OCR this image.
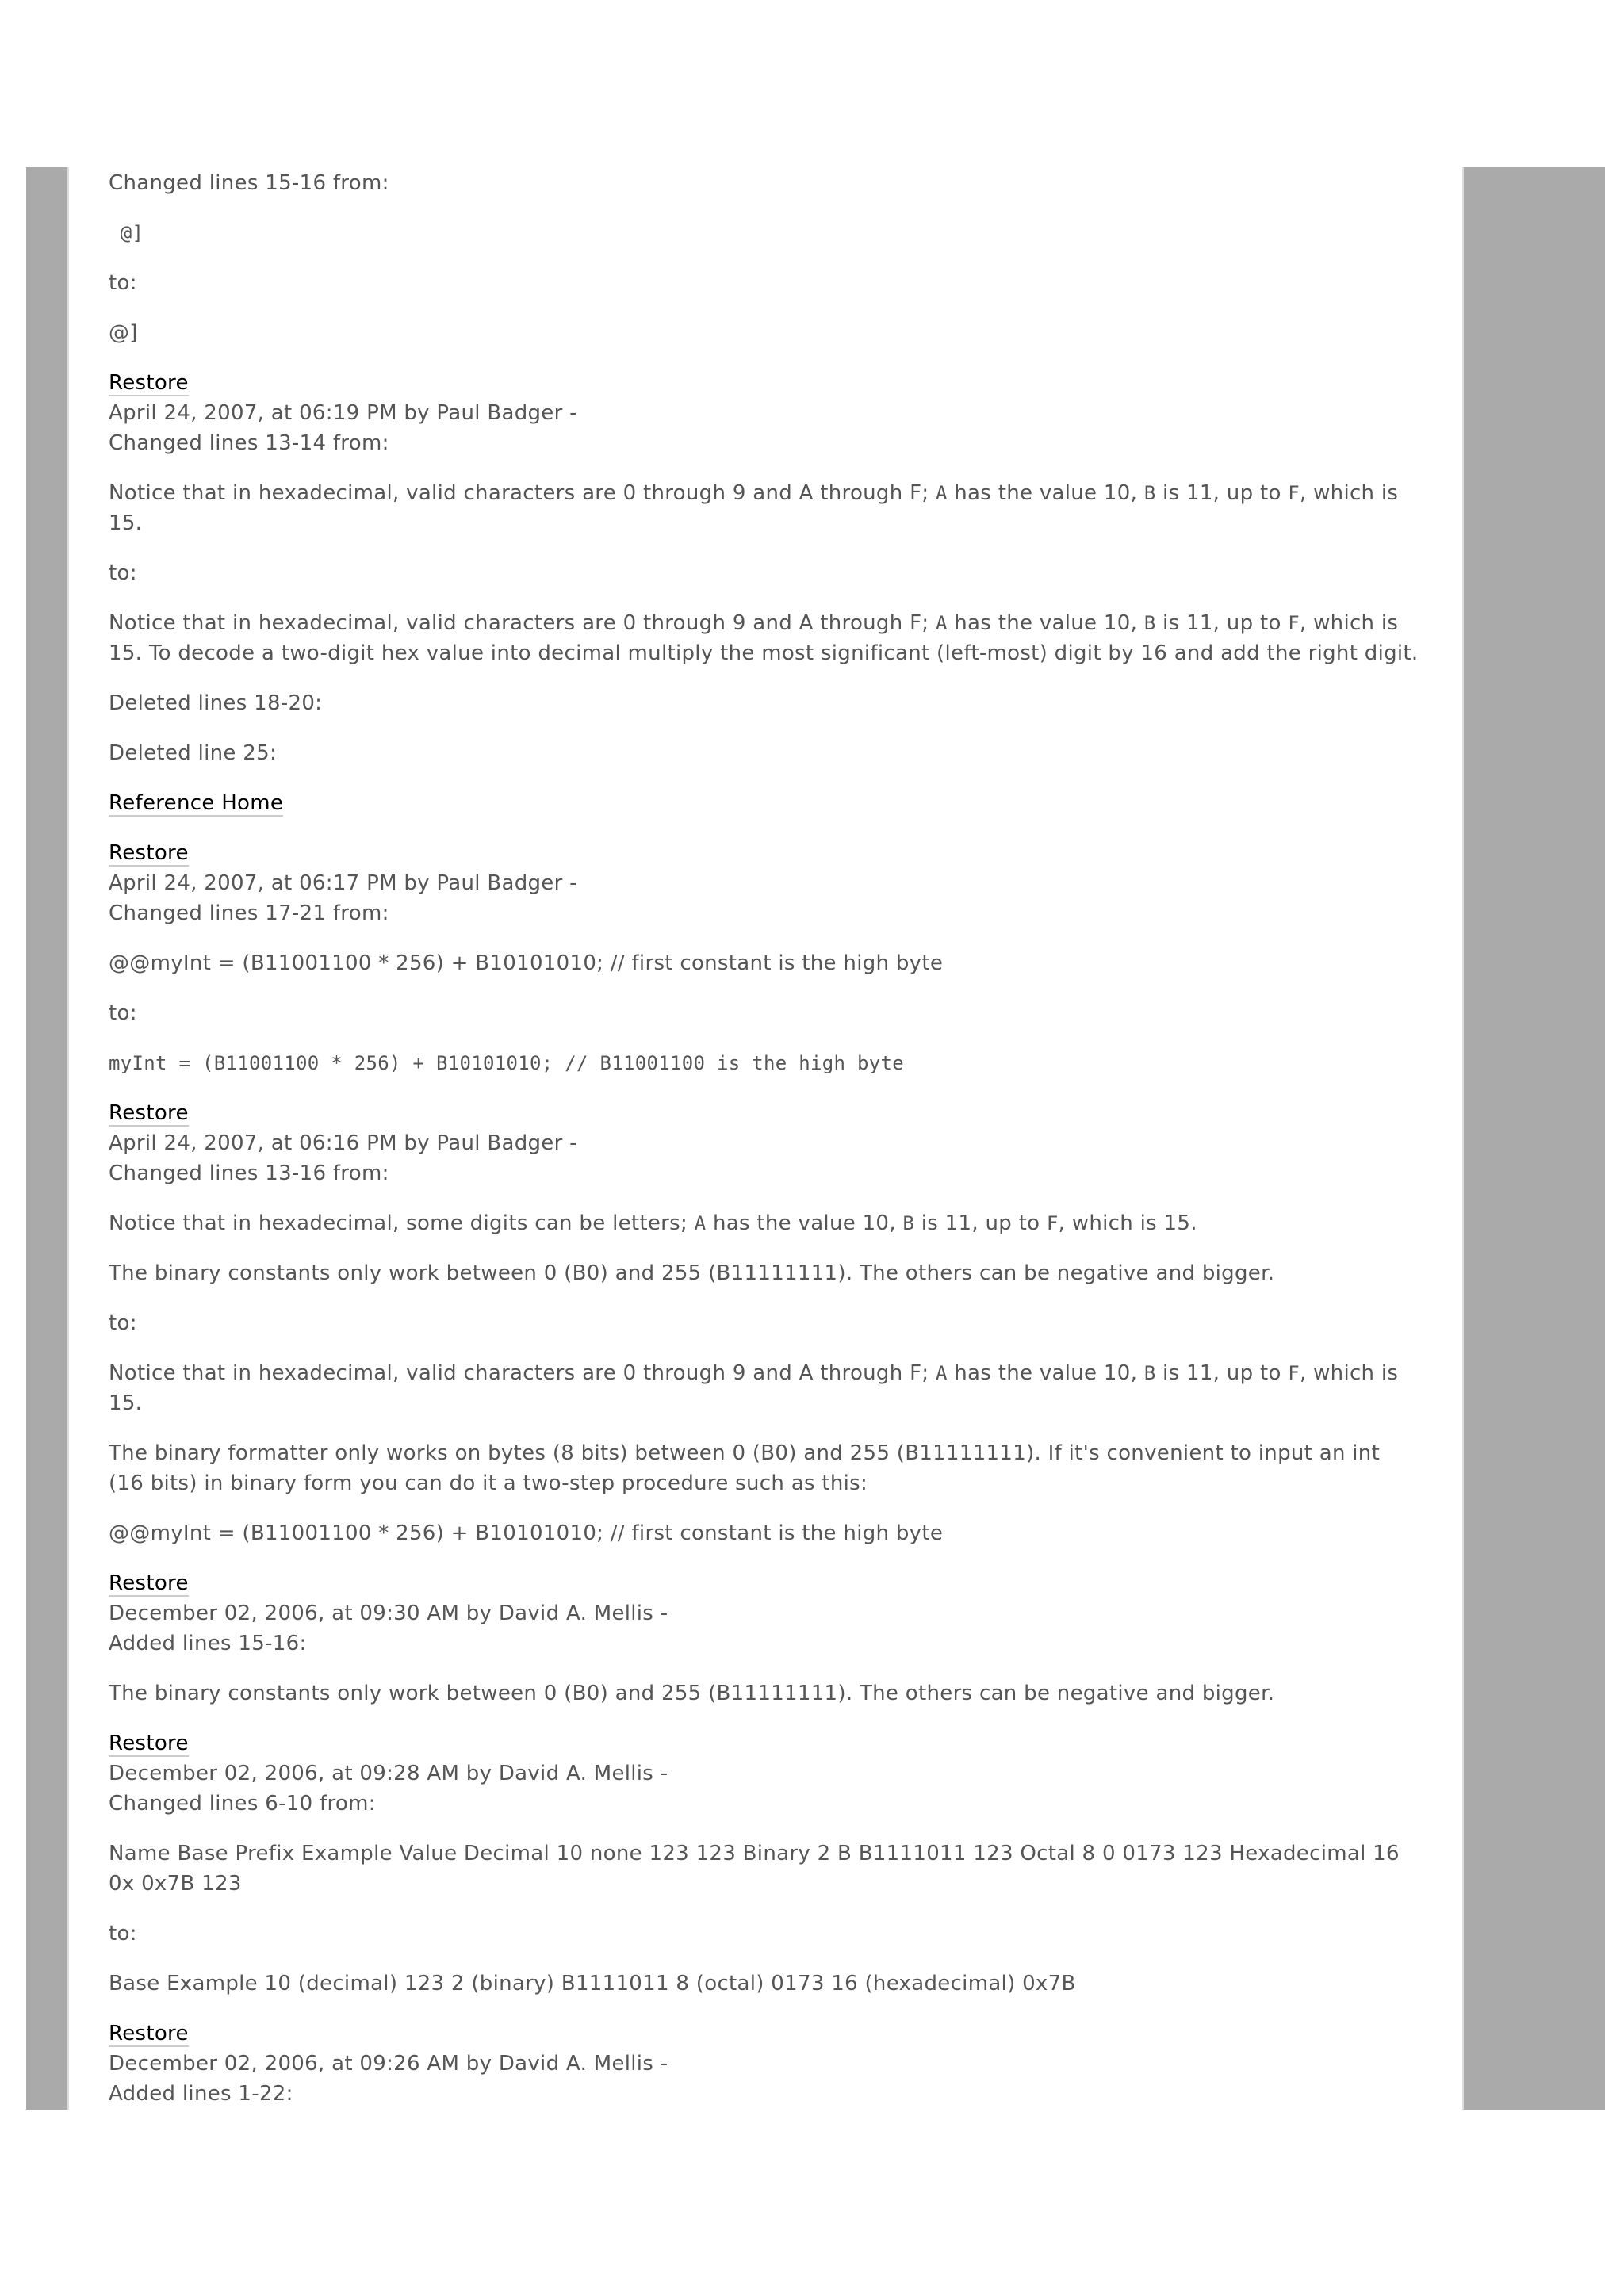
Changed lines 15-16 from:

@]

to:

@]

Restore
April 24, 2007, at 06:19 PM by Paul Badger -
Changed lines 13-14 from:

Notice that in hexadecimal, valid characters are 0 through 9 and A through F; A has the value 10, B is 11, up to F, which is 15.

to:

Notice that in hexadecimal, valid characters are 0 through 9 and A through F; A has the value 10, B is 11, up to F, which is 15. To decode a two-digit hex value into decimal multiply the most significant (left-most) digit by 16 and add the right digit.

Deleted lines 18-20:

Deleted line 25:

Reference Home

Restore
April 24, 2007, at 06:17 PM by Paul Badger -
Changed lines 17-21 from:

@@myInt = (B11001100 * 256) + B10101010; // first constant is the high byte

to:

myInt = (B11001100 * 256) + B10101010; // B11001100 is the high byte

Restore
April 24, 2007, at 06:16 PM by Paul Badger -
Changed lines 13-16 from:

Notice that in hexadecimal, some digits can be letters; A has the value 10, B is 11, up to F, which is 15.

The binary constants only work between 0 (B0) and 255 (B11111111). The others can be negative and bigger.

to:

Notice that in hexadecimal, valid characters are 0 through 9 and A through F; A has the value 10, B is 11, up to F, which is 15.

The binary formatter only works on bytes (8 bits) between 0 (B0) and 255 (B11111111). If it's convenient to input an int (16 bits) in binary form you can do it a two-step procedure such as this:

@@myInt = (B11001100 * 256) + B10101010; // first constant is the high byte

Restore
December 02, 2006, at 09:30 AM by David A. Mellis -
Added lines 15-16:

The binary constants only work between 0 (B0) and 255 (B11111111). The others can be negative and bigger.

Restore
December 02, 2006, at 09:28 AM by David A. Mellis -
Changed lines 6-10 from:

Name Base Prefix Example Value Decimal 10 none 123 123 Binary 2 B B1111011 123 Octal 8 0 0173 123 Hexadecimal 16 0x 0x7B 123

to:

Base Example 10 (decimal) 123 2 (binary) B1111011 8 (octal) 0173 16 (hexadecimal) 0x7B

Restore
December 02, 2006, at 09:26 AM by David A. Mellis -
Added lines 1-22:
